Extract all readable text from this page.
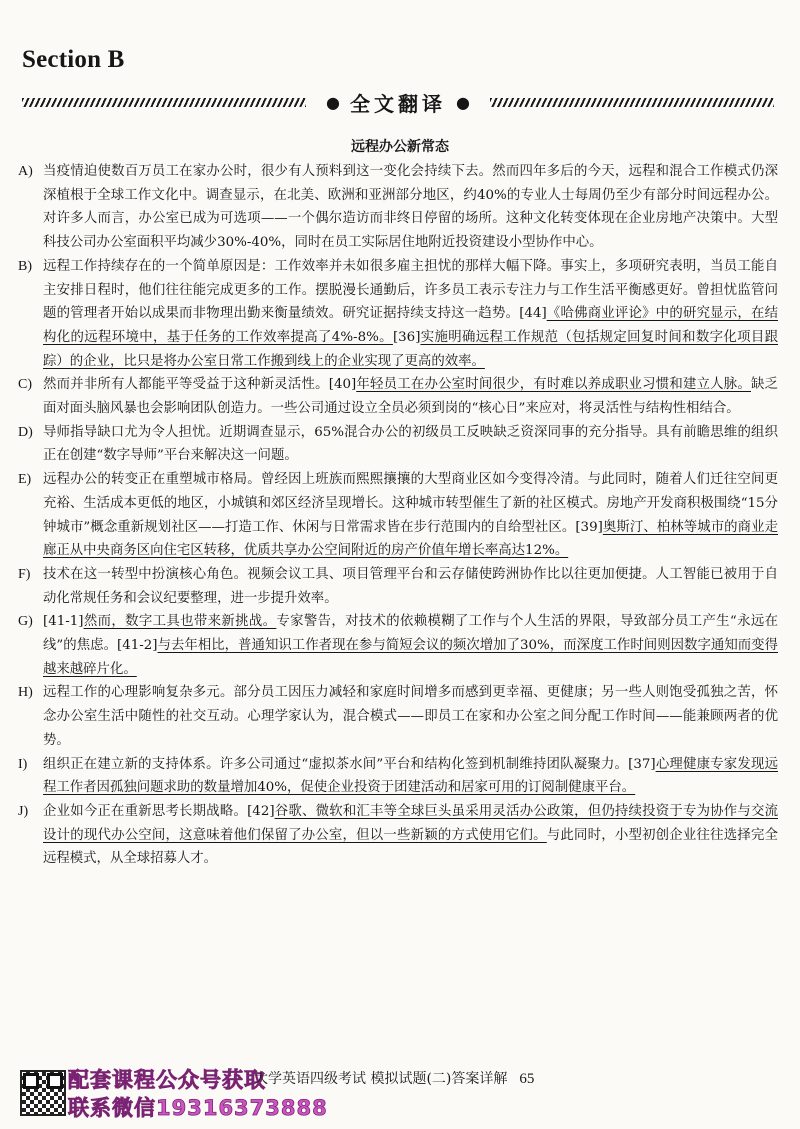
Section B
● 全文翻译 ●
远程办公新常态
A) 当疫情迫使数百万员工在家办公时，很少有人预料到这一变化会持续下去。然而四年多后的今天，远程和混合工作模式仍深深植根于全球工作文化中。调查显示，在北美、欧洲和亚洲部分地区，约40%的专业人士每周仍至少有部分时间远程办公。对许多人而言，办公室已成为可选项——一个偶尔造访而非终日停留的场所。这种文化转变体现在企业房地产决策中。大型科技公司办公室面积平均减少30%-40%，同时在员工实际居住地附近投资建设小型协作中心。
B) 远程工作持续存在的一个简单原因是：工作效率并未如很多雇主担忧的那样大幅下降。事实上，多项研究表明，当员工能自主安排日程时，他们往往能完成更多的工作。摆脱漫长通勤后，许多员工表示专注力与工作生活平衡感更好。曾担忧监管问题的管理者开始以成果而非物理出勤来衡量绩效。研究证据持续支持这一趋势。[44]《哈佛商业评论》中的研究显示，在结构化的远程环境中，基于任务的工作效率提高了4%-8%。[36]实施明确远程工作规范（包括规定回复时间和数字化项目跟踪）的企业，比只是将办公室日常工作搬到线上的企业实现了更高的效率。
C) 然而并非所有人都能平等受益于这种新灵活性。[40]年轻员工在办公室时间很少，有时难以养成职业习惯和建立人脉。缺乏面对面头脑风暴也会影响团队创造力。一些公司通过设立全员必须到岗的“核心日”来应对，将灵活性与结构性相结合。
D) 导师指导缺口尤为令人担忧。近期调查显示，65%混合办公的初级员工反映缺乏资深同事的充分指导。具有前瞻思维的组织正在创建“数字导师”平台来解决这一问题。
E) 远程办公的转变正在重塑城市格局。曾经因上班族而熙熙攘攘的大型商业区如今变得冷清。与此同时，随着人们迁往空间更充裕、生活成本更低的地区，小城镇和郊区经济呈现增长。这种城市转型催生了新的社区模式。房地产开发商积极围绕“15分钟城市”概念重新规划社区——打造工作、休闲与日常需求皆在步行范围内的自给型社区。[39]奥斯汀、柏林等城市的商业走廊正从中央商务区向住宅区转移，优质共享办公空间附近的房产价值年增长率高达12%。
F) 技术在这一转型中扮演核心角色。视频会议工具、项目管理平台和云存储使跨洲协作比以往更加便捷。人工智能已被用于自动化常规任务和会议纪要整理，进一步提升效率。
G) [41-1]然而，数字工具也带来新挑战。专家警告，对技术的依赖模糊了工作与个人生活的界限，导致部分员工产生“永远在线”的焦虑。[41-2]与去年相比，普通知识工作者现在参与简短会议的频次增加了30%，而深度工作时间则因数字通知而变得越来越碎片化。
H) 远程工作的心理影响复杂多元。部分员工因压力减轻和家庭时间增多而感到更幸福、更健康；另一些人则饱受孤独之苦，怀念办公室生活中随性的社交互动。心理学家认为，混合模式——即员工在家和办公室之间分配工作时间——能兼顾两者的优势。
I)	组织正在建立新的支持体系。许多公司通过“虚拟茶水间”平台和结构化签到机制维持团队凝聚力。[37]心理健康专家发现远程工作者因孤独问题求助的数量增加40%，促使企业投资于团建活动和居家可用的订阅制健康平台。
J)	企业如今正在重新思考长期战略。[42]谷歌、微软和汇丰等全球巨头虽采用灵活办公政策，但仍持续投资于专为协作与交流设计的现代办公空间，这意味着他们保留了办公室，但以一些新颖的方式使用它们。与此同时，小型初创企业往往选择完全远程模式，从全球招募人才。
配套课程公众号获取
联系微信19316373888
大学英语四级考试 模拟试题(二)答案详解 65
